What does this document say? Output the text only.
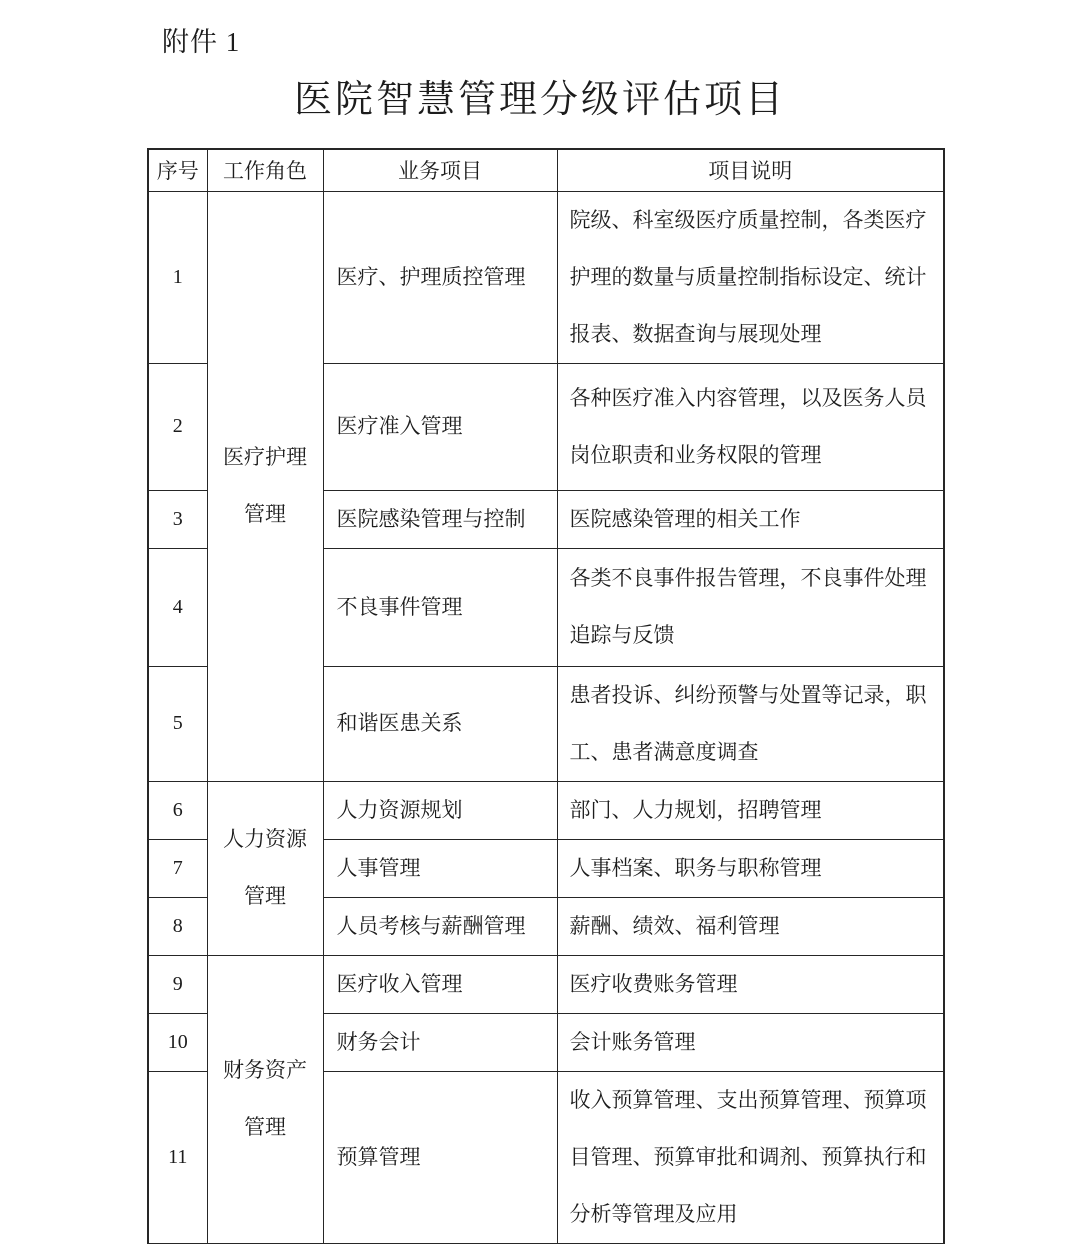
附件 1
医院智慧管理分级评估项目
序号	工作角色	业务项目	项目说明
1	医疗护理管理	医疗、护理质控管理	院级、科室级医疗质量控制，各类医疗护理的数量与质量控制指标设定、统计报表、数据查询与展现处理
2		医疗准入管理	各种医疗准入内容管理，以及医务人员岗位职责和业务权限的管理
3		医院感染管理与控制	医院感染管理的相关工作
4		不良事件管理	各类不良事件报告管理，不良事件处理追踪与反馈
5		和谐医患关系	患者投诉、纠纷预警与处置等记录，职工、患者满意度调查
6	人力资源管理	人力资源规划	部门、人力规划，招聘管理
7		人事管理	人事档案、职务与职称管理
8		人员考核与薪酬管理	薪酬、绩效、福利管理
9	财务资产管理	医疗收入管理	医疗收费账务管理
10		财务会计	会计账务管理
11		预算管理	收入预算管理、支出预算管理、预算项目管理、预算审批和调剂、预算执行和分析等管理及应用
